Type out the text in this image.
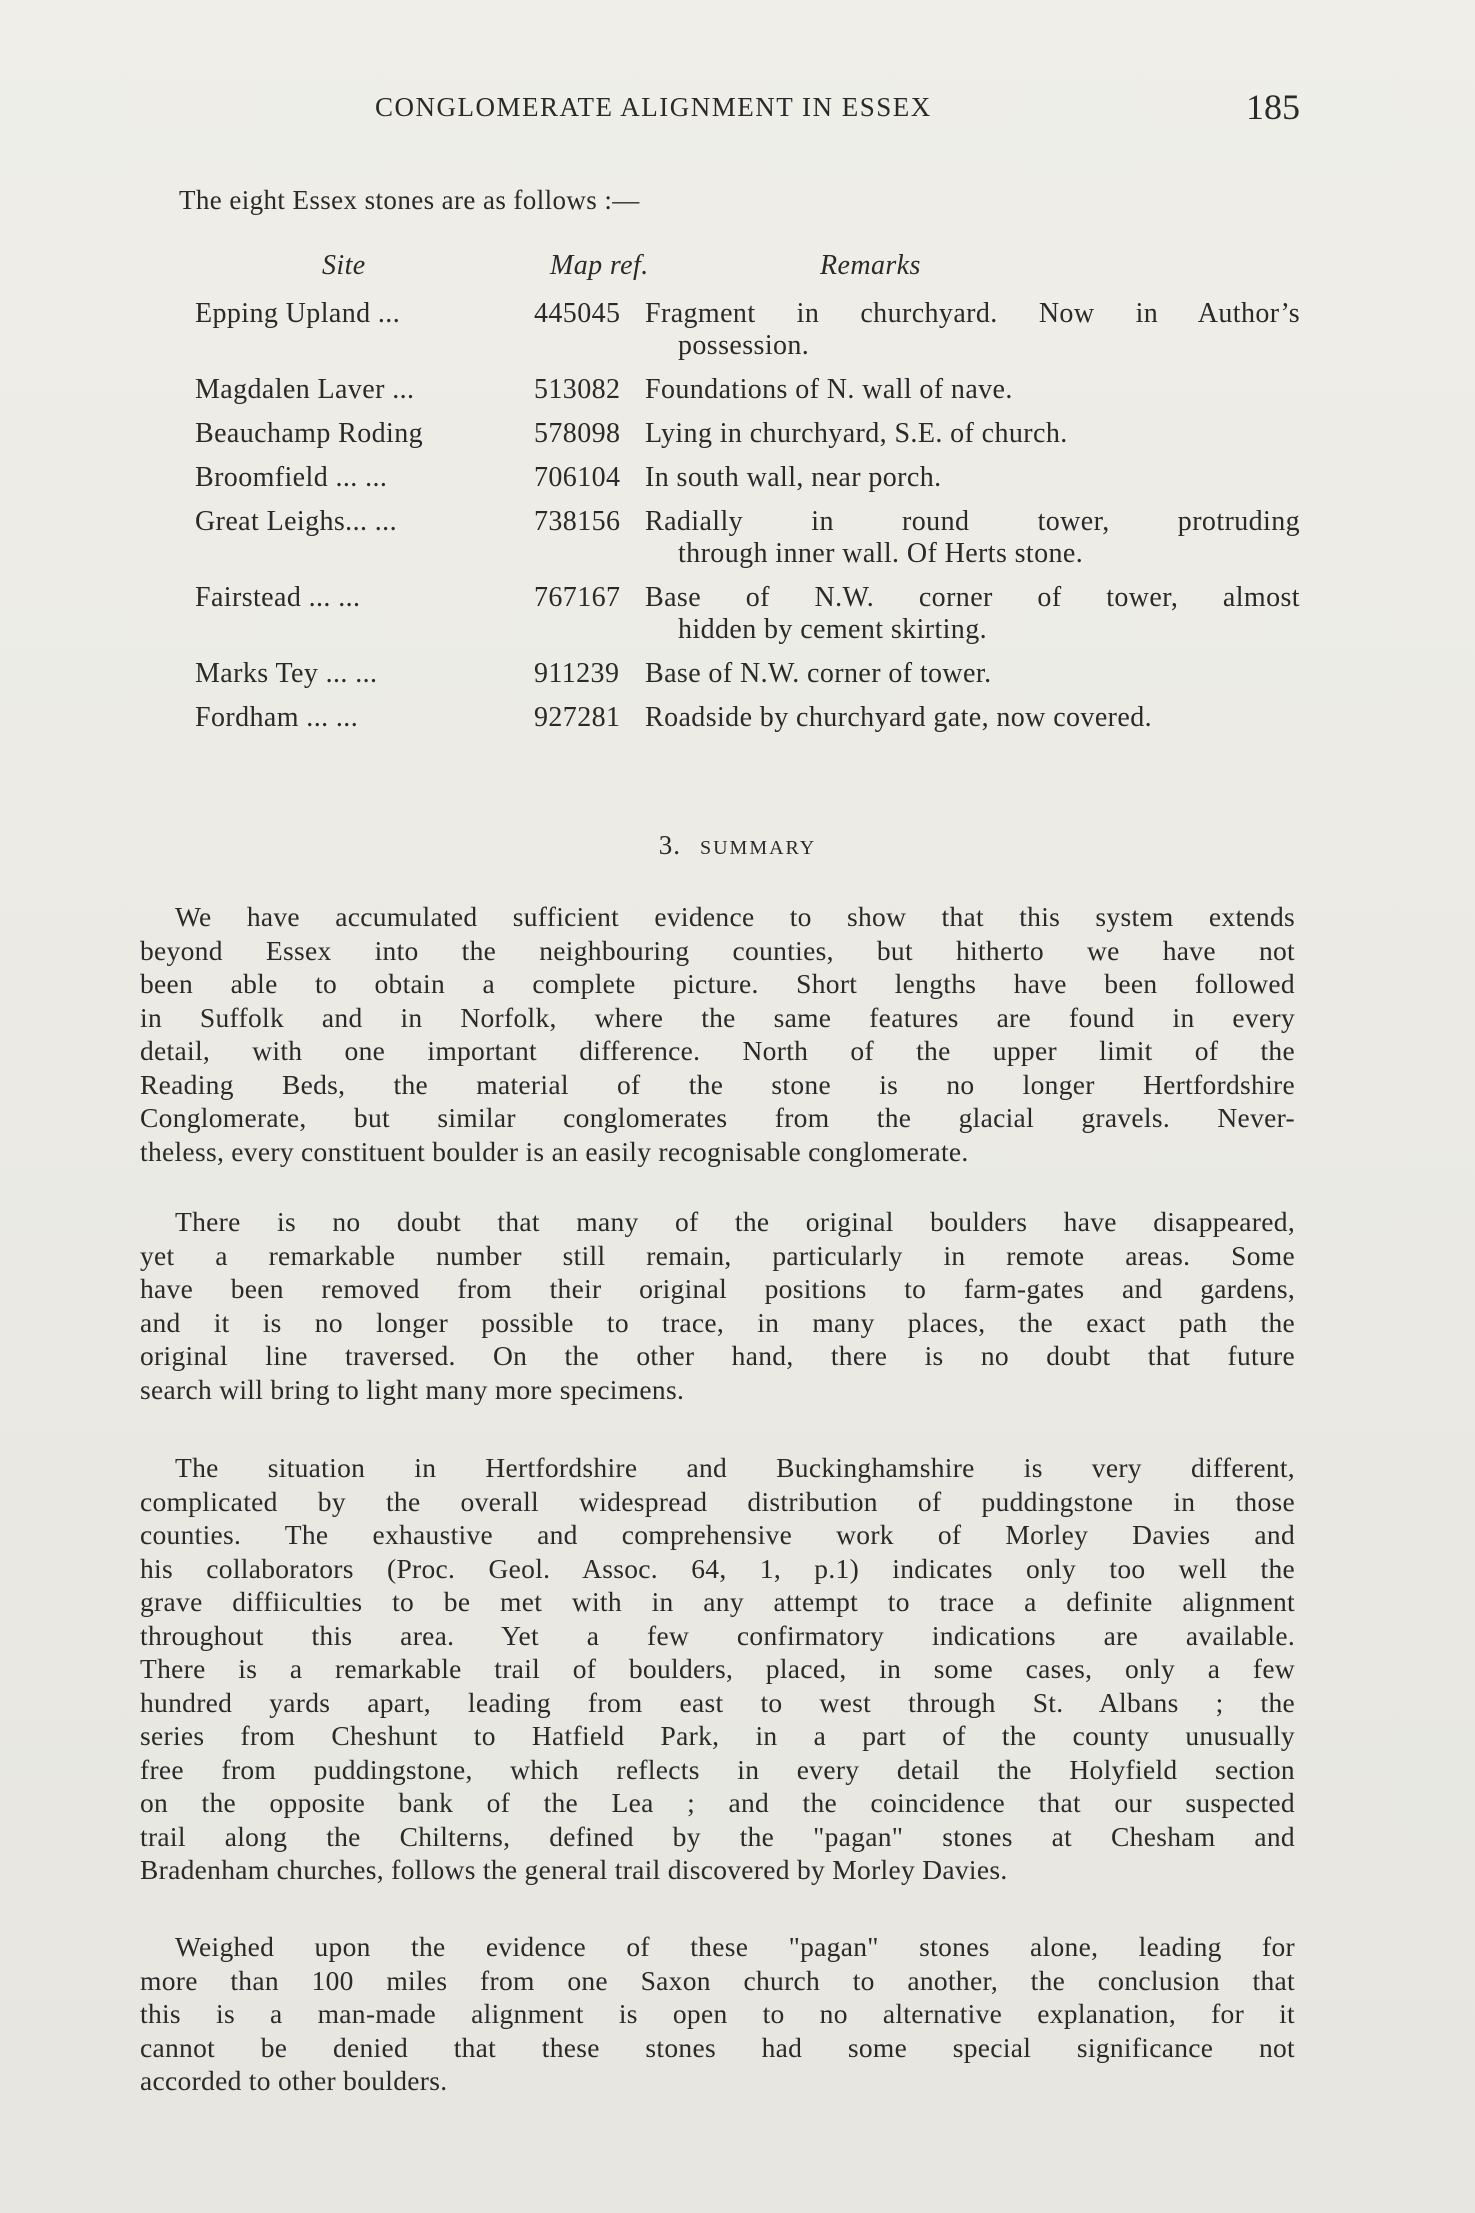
CONGLOMERATE ALIGNMENT IN ESSEX	185
The eight Essex stones are as follows :—
Site	Map ref.	Remarks
Epping Upland ...	445045 Fragment in churchyard. Now in Author’s
possession.
Magdalen Laver ...	513082 Foundations of N. wall of nave.
Beauchamp Roding	578098 Lying in churchyard, S.E. of church.
Broomfield ... ...	706104 In south wall, near porch.
Great Leighs... ...	738156 Radially in round tower, protruding
through inner wall. Of Herts stone.
Fairstead ... ...	767167 Base of N.W. corner of tower, almost
hidden by cement skirting.
Marks Tey ... ...	911239 Base of N.W. corner of tower.
Fordham ... ...	927281 Roadside by churchyard gate, now covered.
3. SUMMARY
We have accumulated sufficient evidence to show that this system extends
beyond Essex into the neighbouring counties, but hitherto we have not
been able to obtain a complete picture. Short lengths have been followed
in Suffolk and in Norfolk, where the same features are found in every
detail, with one important difference. North of the upper limit of the
Reading Beds, the material of the stone is no longer Hertfordshire
Conglomerate, but similar conglomerates from the glacial gravels. Never-
theless, every constituent boulder is an easily recognisable conglomerate.
There is no doubt that many of the original boulders have disappeared,
yet a remarkable number still remain, particularly in remote areas. Some
have been removed from their original positions to farm-gates and gardens,
and it is no longer possible to trace, in many places, the exact path the
original line traversed. On the other hand, there is no doubt that future
search will bring to light many more specimens.
The situation in Hertfordshire and Buckinghamshire is very different,
complicated by the overall widespread distribution of puddingstone in those
counties. The exhaustive and comprehensive work of Morley Davies and
his collaborators (Proc. Geol. Assoc. 64, 1, p.1) indicates only too well the
grave diffiiculties to be met with in any attempt to trace a definite alignment
throughout this area. Yet a few confirmatory indications are available.
There is a remarkable trail of boulders, placed, in some cases, only a few
hundred yards apart, leading from east to west through St. Albans ; the
series from Cheshunt to Hatfield Park, in a part of the county unusually
free from puddingstone, which reflects in every detail the Holyfield section
on the opposite bank of the Lea ; and the coincidence that our suspected
trail along the Chilterns, defined by the "pagan" stones at Chesham and
Bradenham churches, follows the general trail discovered by Morley Davies.
Weighed upon the evidence of these "pagan" stones alone, leading for
more than 100 miles from one Saxon church to another, the conclusion that
this is a man-made alignment is open to no alternative explanation, for it
cannot be denied that these stones had some special significance not
accorded to other boulders.
